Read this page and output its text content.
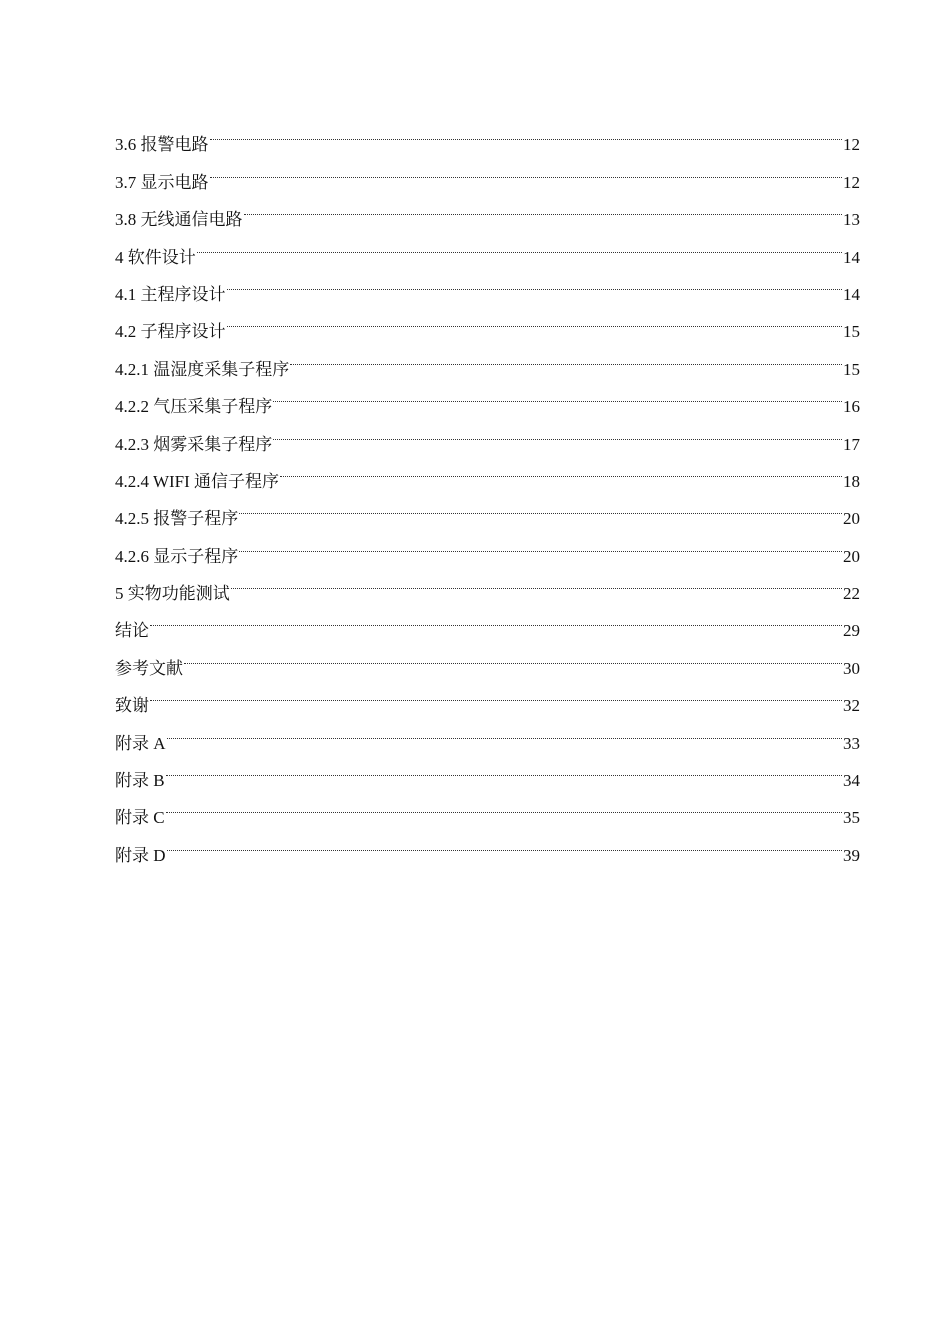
3.6 报警电路	12
3.7 显示电路	12
3.8 无线通信电路	13
4 软件设计	14
4.1 主程序设计	14
4.2 子程序设计	15
4.2.1 温湿度采集子程序	15
4.2.2 气压采集子程序	16
4.2.3 烟雾采集子程序	17
4.2.4 WIFI 通信子程序	18
4.2.5 报警子程序	20
4.2.6 显示子程序	20
5 实物功能测试	22
结论	29
参考文献	30
致谢	32
附录 A	33
附录 B	34
附录 C	35
附录 D	39
